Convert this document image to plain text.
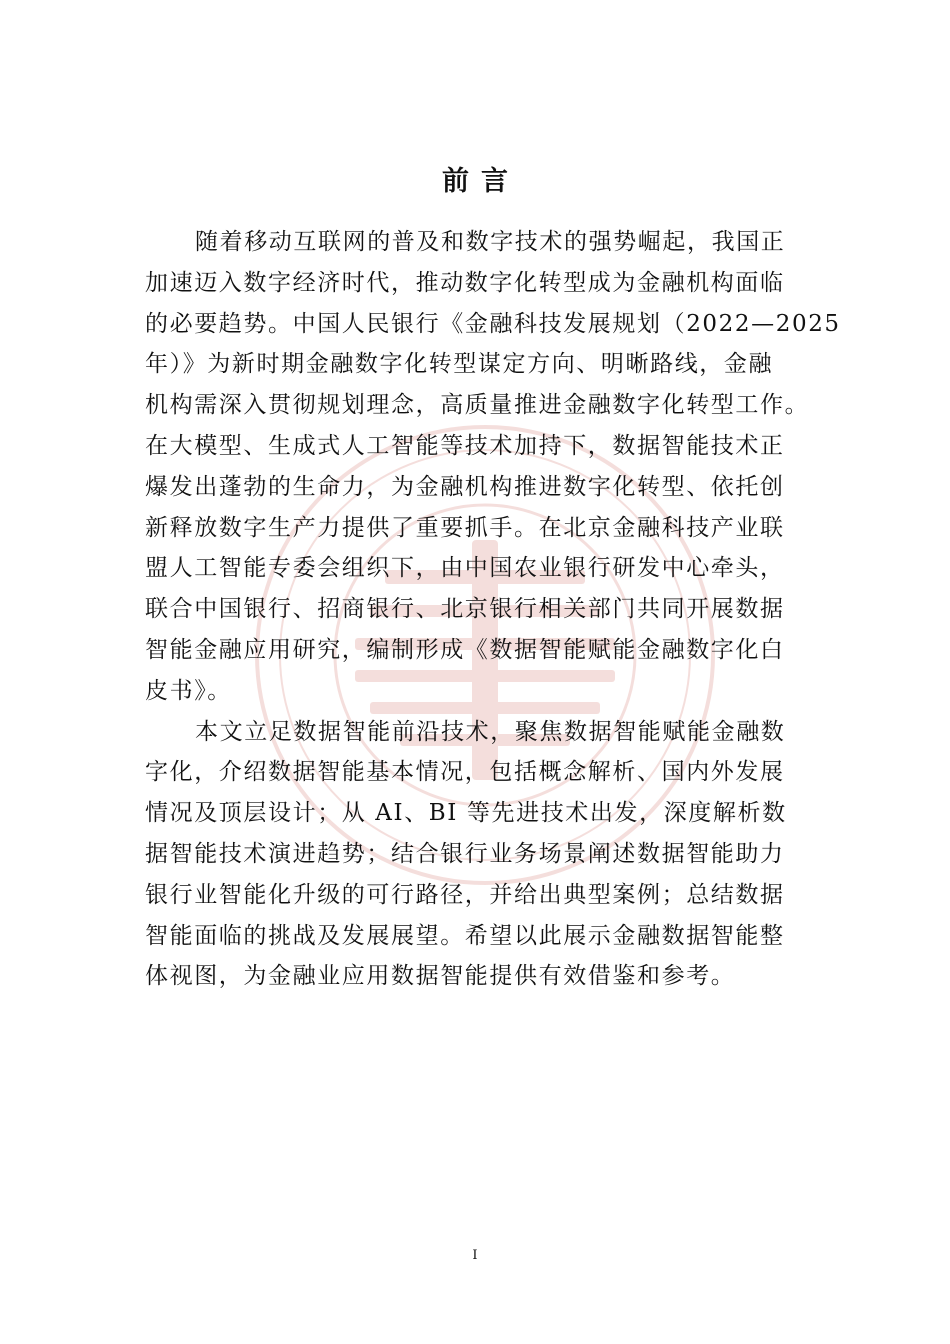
前言
随着移动互联网的普及和数字技术的强势崛起，我国正
加速迈入数字经济时代，推动数字化转型成为金融机构面临
的必要趋势。中国人民银行《金融科技发展规划（2022—2025
年）》为新时期金融数字化转型谋定方向、明晰路线，金融
机构需深入贯彻规划理念，高质量推进金融数字化转型工作。
在大模型、生成式人工智能等技术加持下，数据智能技术正
爆发出蓬勃的生命力，为金融机构推进数字化转型、依托创
新释放数字生产力提供了重要抓手。在北京金融科技产业联
盟人工智能专委会组织下，由中国农业银行研发中心牵头，
联合中国银行、招商银行、北京银行相关部门共同开展数据
智能金融应用研究，编制形成《数据智能赋能金融数字化白
皮书》。
本文立足数据智能前沿技术，聚焦数据智能赋能金融数
字化，介绍数据智能基本情况，包括概念解析、国内外发展
情况及顶层设计；从 AI、BI 等先进技术出发，深度解析数
据智能技术演进趋势；结合银行业务场景阐述数据智能助力
银行业智能化升级的可行路径，并给出典型案例；总结数据
智能面临的挑战及发展展望。希望以此展示金融数据智能整
体视图，为金融业应用数据智能提供有效借鉴和参考。
I
